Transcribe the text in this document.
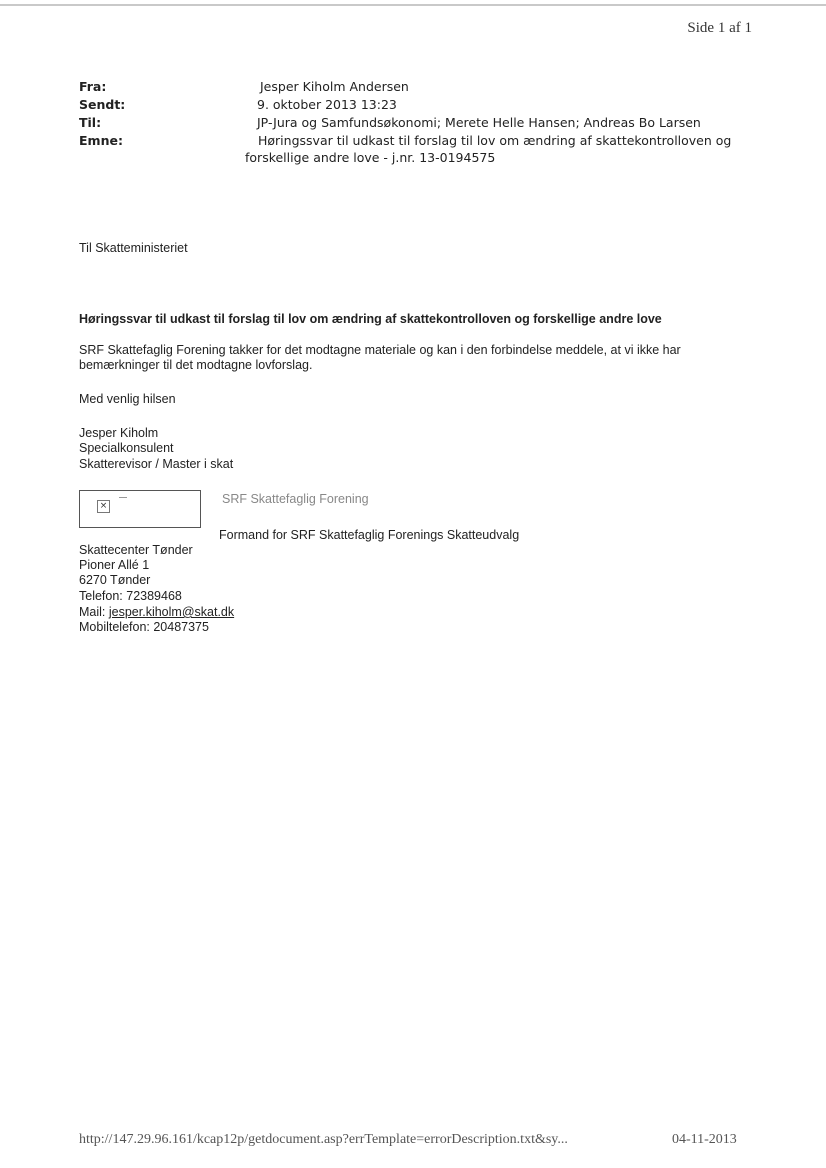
Side 1 af 1
Fra:	Jesper Kiholm Andersen
Sendt:	9. oktober 2013 13:23
Til:	JP-Jura og Samfundsøkonomi; Merete Helle Hansen; Andreas Bo Larsen
Emne:	Høringssvar til udkast til forslag til lov om ændring af skattekontrolloven og
forskellige andre love - j.nr. 13-0194575
Til Skatteministeriet
Høringssvar til udkast til forslag til lov om ændring af skattekontrolloven og forskellige andre love
SRF Skattefaglig Forening takker for det modtagne materiale og kan i den forbindelse meddele, at vi ikke har
bemærkninger til det modtagne lovforslag.
Med venlig hilsen
Jesper Kiholm
Specialkonsulent
Skatterevisor / Master i skat
×	SRF Skattefaglig Forening
Formand for SRF Skattefaglig Forenings Skatteudvalg
Skattecenter Tønder
Pioner Allé 1
6270 Tønder
Telefon: 72389468
Mail: jesper.kiholm@skat.dk
Mobiltelefon: 20487375
http://147.29.96.161/kcap12p/getdocument.asp?errTemplate=errorDescription.txt&sy...	04-11-2013
